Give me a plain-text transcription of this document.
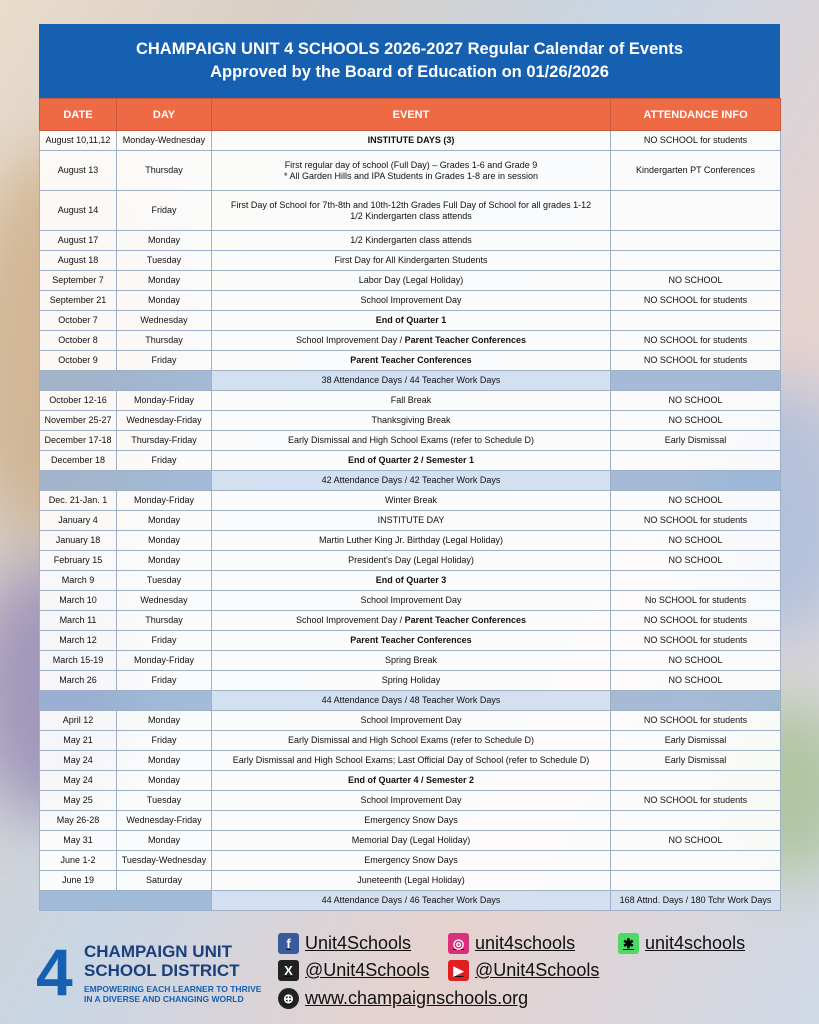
CHAMPAIGN UNIT 4 SCHOOLS 2026-2027 Regular Calendar of Events
Approved by the Board of Education on 01/26/2026
DATE	DAY	EVENT	ATTENDANCE INFO
August 10,11,12	Monday-Wednesday	INSTITUTE DAYS (3)	NO SCHOOL for students
August 13	Thursday	First regular day of school (Full Day) – Grades 1-6 and Grade 9
* All Garden Hills and IPA Students in Grades 1-8 are in session	Kindergarten PT Conferences
August 14	Friday	First Day of School for 7th-8th and 10th-12th Grades Full Day of School for all grades 1-12
1/2 Kindergarten class attends	
August 17	Monday	1/2 Kindergarten class attends	
August 18	Tuesday	First Day for All Kindergarten Students	
September 7	Monday	Labor Day (Legal Holiday)	NO SCHOOL
September 21	Monday	School Improvement Day	NO SCHOOL for students
October 7	Wednesday	End of Quarter 1	
October 8	Thursday	School Improvement Day / Parent Teacher Conferences	NO SCHOOL for students
October 9	Friday	Parent Teacher Conferences	NO SCHOOL for students
		38 Attendance Days / 44 Teacher Work Days	
October 12-16	Monday-Friday	Fall Break	NO SCHOOL
November 25-27	Wednesday-Friday	Thanksgiving Break	NO SCHOOL
December 17-18	Thursday-Friday	Early Dismissal and High School Exams (refer to Schedule D)	Early Dismissal
December 18	Friday	End of Quarter 2 / Semester 1	
		42 Attendance Days / 42 Teacher Work Days	
Dec. 21-Jan. 1	Monday-Friday	Winter Break	NO SCHOOL
January 4	Monday	INSTITUTE DAY	NO SCHOOL for students
January 18	Monday	Martin Luther King Jr. Birthday (Legal Holiday)	NO SCHOOL
February 15	Monday	President's Day (Legal Holiday)	NO SCHOOL
March 9	Tuesday	End of Quarter 3	
March 10	Wednesday	School Improvement Day	No SCHOOL for students
March 11	Thursday	School Improvement Day / Parent Teacher Conferences	NO SCHOOL for students
March 12	Friday	Parent Teacher Conferences	NO SCHOOL for students
March 15-19	Monday-Friday	Spring Break	NO SCHOOL
March 26	Friday	Spring Holiday	NO SCHOOL
		44 Attendance Days / 48 Teacher Work Days	
April 12	Monday	School Improvement Day	NO SCHOOL for students
May 21	Friday	Early Dismissal and High School Exams (refer to Schedule D)	Early Dismissal
May 24	Monday	Early Dismissal and High School Exams; Last Official Day of School (refer to Schedule D)	Early Dismissal
May 24	Monday	End of Quarter 4 / Semester 2	
May 25	Tuesday	School Improvement Day	NO SCHOOL for students
May 26-28	Wednesday-Friday	Emergency Snow Days	
May 31	Monday	Memorial Day (Legal Holiday)	NO SCHOOL
June 1-2	Tuesday-Wednesday	Emergency Snow Days	
June 19	Saturday	Juneteenth (Legal Holiday)	
		44 Attendance Days / 46 Teacher Work Days	168 Attnd. Days / 180 Tchr Work Days
4 CHAMPAIGN UNIT
SCHOOL DISTRICT
EMPOWERING EACH LEARNER TO THRIVE
IN A DIVERSE AND CHANGING WORLD
f Unit4Schools	◎ unit4schools	✱ unit4schools
X @Unit4Schools	▶ @Unit4Schools
⊕ www.champaignschools.org
